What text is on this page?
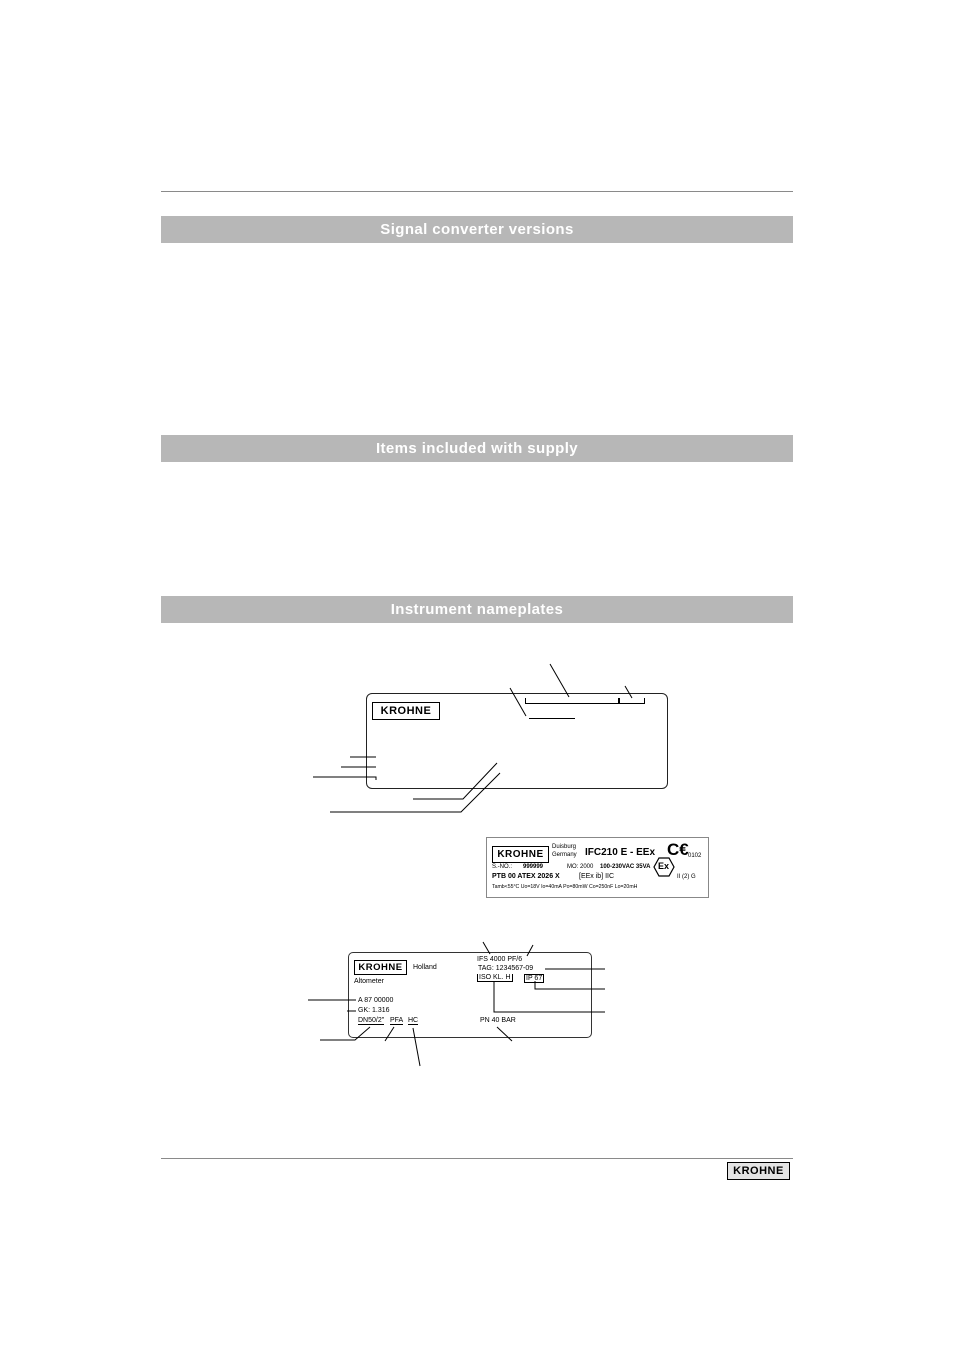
Signal converter versions
Items included with supply
Instrument nameplates
KROHNE
KROHNE
Duisburg
Germany IFC210 E - EEx C€ 0102
S.-NO.: 999999	MO: 2000 100-230VAC 35VA
PTB 00 ATEX 2026 X	[EEx ib] IIC
Ex
II (2) G
Tamb<55°C Uo=18V Io=40mA Po=80mW Co=250nF Lo=20mH
KROHNE	Holland
Altometer
IFS 4000 PF/6
TAG: 1234567-09
ISO KL. H IP 67
A 87 00000
GK: 1.316
DN50/2" PFA HC	PN 40 BAR
KROHNE
